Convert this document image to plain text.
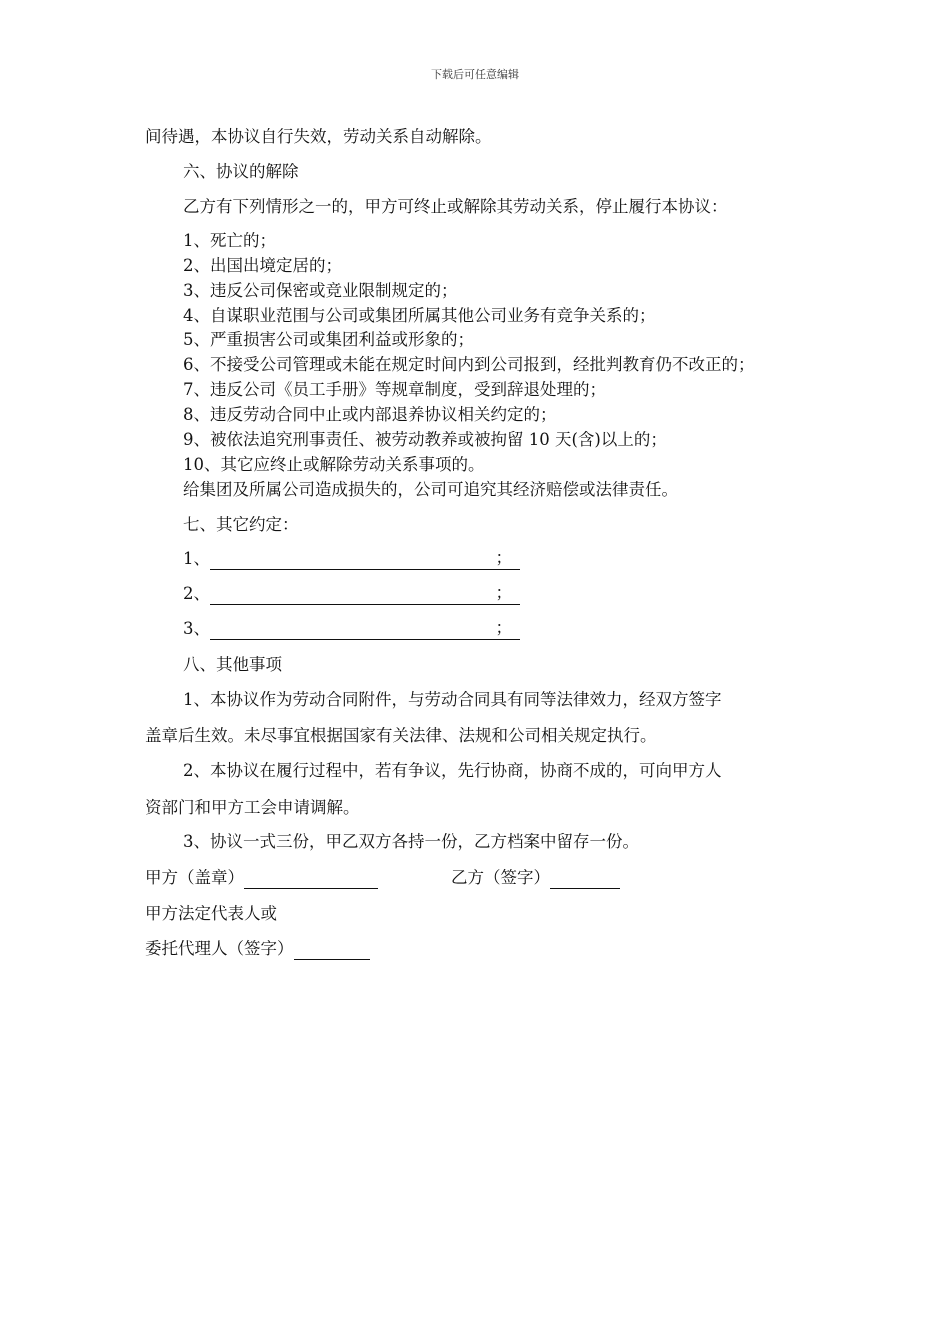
下载后可任意编辑
间待遇，本协议自行失效，劳动关系自动解除。
六、协议的解除
乙方有下列情形之一的，甲方可终止或解除其劳动关系，停止履行本协议：
1、死亡的；
2、出国出境定居的；
3、违反公司保密或竞业限制规定的；
4、自谋职业范围与公司或集团所属其他公司业务有竞争关系的；
5、严重损害公司或集团利益或形象的；
6、不接受公司管理或未能在规定时间内到公司报到，经批判教育仍不改正的；
7、违反公司《员工手册》等规章制度，受到辞退处理的；
8、违反劳动合同中止或内部退养协议相关约定的；
9、被依法追究刑事责任、被劳动教养或被拘留 10 天(含)以上的；
10、其它应终止或解除劳动关系事项的。
给集团及所属公司造成损失的，公司可追究其经济赔偿或法律责任。
七、其它约定：
1、	；
2、	；
3、	；
八、其他事项
1、本协议作为劳动合同附件，与劳动合同具有同等法律效力，经双方签字
盖章后生效。未尽事宜根据国家有关法律、法规和公司相关规定执行。
2、本协议在履行过程中，若有争议，先行协商，协商不成的，可向甲方人
资部门和甲方工会申请调解。
3、协议一式三份，甲乙双方各持一份，乙方档案中留存一份。
甲方（盖章）	乙方（签字）
甲方法定代表人或
委托代理人（签字）
